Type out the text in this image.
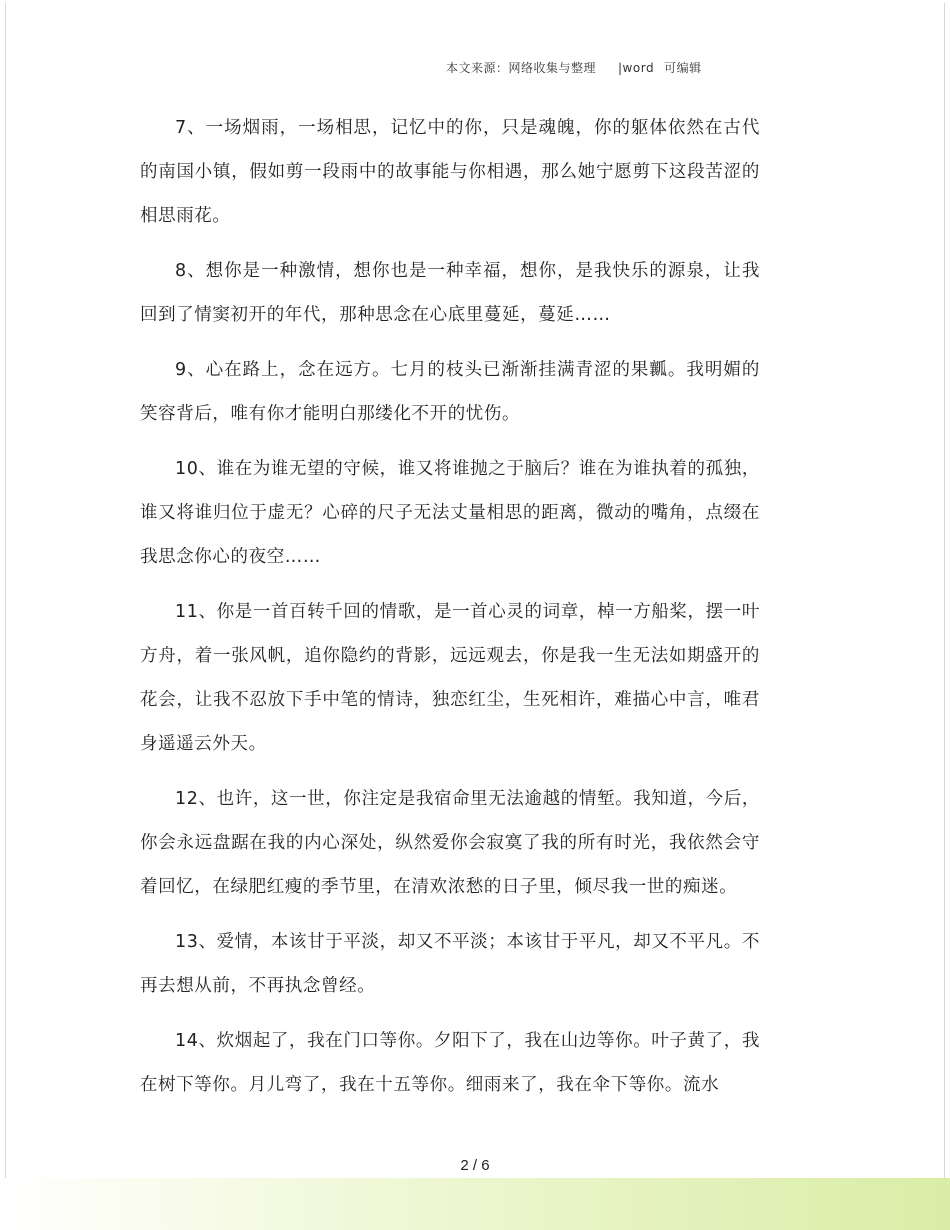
本文来源：网络收集与整理 |word 可编辑

7、一场烟雨，一场相思，记忆中的你，只是魂魄，你的躯体依然在古代的南国小镇，假如剪一段雨中的故事能与你相遇，那么她宁愿剪下这段苦涩的相思雨花。

8、想你是一种激情，想你也是一种幸福，想你，是我快乐的源泉，让我回到了情窦初开的年代，那种思念在心底里蔓延，蔓延……

9、心在路上，念在远方。七月的枝头已渐渐挂满青涩的果瓤。我明媚的笑容背后，唯有你才能明白那缕化不开的忧伤。

10、谁在为谁无望的守候，谁又将谁抛之于脑后？谁在为谁执着的孤独，谁又将谁归位于虚无？心碎的尺子无法丈量相思的距离，微动的嘴角，点缀在我思念你心的夜空……

11、你是一首百转千回的情歌，是一首心灵的词章，棹一方船桨，摆一叶方舟，着一张风帆，追你隐约的背影，远远观去，你是我一生无法如期盛开的花会，让我不忍放下手中笔的情诗，独恋红尘，生死相许，难描心中言，唯君身遥遥云外天。

12、也许，这一世，你注定是我宿命里无法逾越的情堑。我知道，今后，你会永远盘踞在我的内心深处，纵然爱你会寂寞了我的所有时光，我依然会守着回忆，在绿肥红瘦的季节里，在清欢浓愁的日子里，倾尽我一世的痴迷。

13、爱情，本该甘于平淡，却又不平淡；本该甘于平凡，却又不平凡。不再去想从前，不再执念曾经。

14、炊烟起了，我在门口等你。夕阳下了，我在山边等你。叶子黄了，我在树下等你。月儿弯了，我在十五等你。细雨来了，我在伞下等你。流水

2 / 6
